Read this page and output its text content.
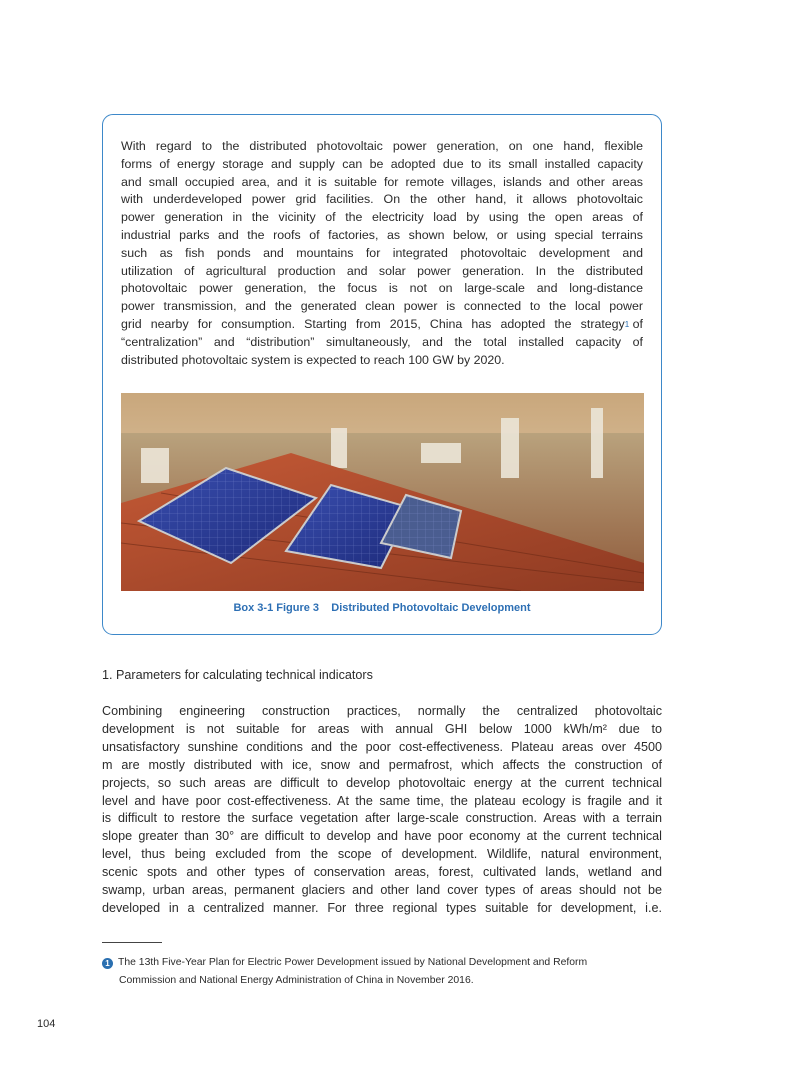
With regard to the distributed photovoltaic power generation, on one hand, flexible
forms of energy storage and supply can be adopted due to its small installed capacity
and small occupied area, and it is suitable for remote villages, islands and other areas
with underdeveloped power grid facilities. On the other hand, it allows photovoltaic
power generation in the vicinity of the electricity load by using the open areas of
industrial parks and the roofs of factories, as shown below, or using special terrains
such as fish ponds and mountains for integrated photovoltaic development and
utilization of agricultural production and solar power generation. In the distributed
photovoltaic power generation, the focus is not on large-scale and long-distance
power transmission, and the generated clean power is connected to the local power
grid nearby for consumption. Starting from 2015, China has adopted the strategy 1 of
“centralization” and “distribution” simultaneously, and the total installed capacity of
distributed photovoltaic system is expected to reach 100 GW by 2020.
Box 3-1 Figure 3    Distributed Photovoltaic Development
1. Parameters for calculating technical indicators
Combining engineering construction practices, normally the centralized photovoltaic
development is not suitable for areas with annual GHI below 1000 kWh/m² due to
unsatisfactory sunshine conditions and the poor cost-effectiveness. Plateau areas over 4500
m are mostly distributed with ice, snow and permafrost, which affects the construction of
projects, so such areas are difficult to develop photovoltaic energy at the current technical
level and have poor cost-effectiveness. At the same time, the plateau ecology is fragile and it
is difficult to restore the surface vegetation after large-scale construction. Areas with a terrain
slope greater than 30° are difficult to develop and have poor economy at the current technical
level, thus being excluded from the scope of development. Wildlife, natural environment,
scenic spots and other types of conservation areas, forest, cultivated lands, wetland and
swamp, urban areas, permanent glaciers and other land cover types of areas should not be
developed in a centralized manner. For three regional types suitable for development, i.e.
1 The 13th Five-Year Plan for Electric Power Development issued by National Development and Reform
Commission and National Energy Administration of China in November 2016.
104
